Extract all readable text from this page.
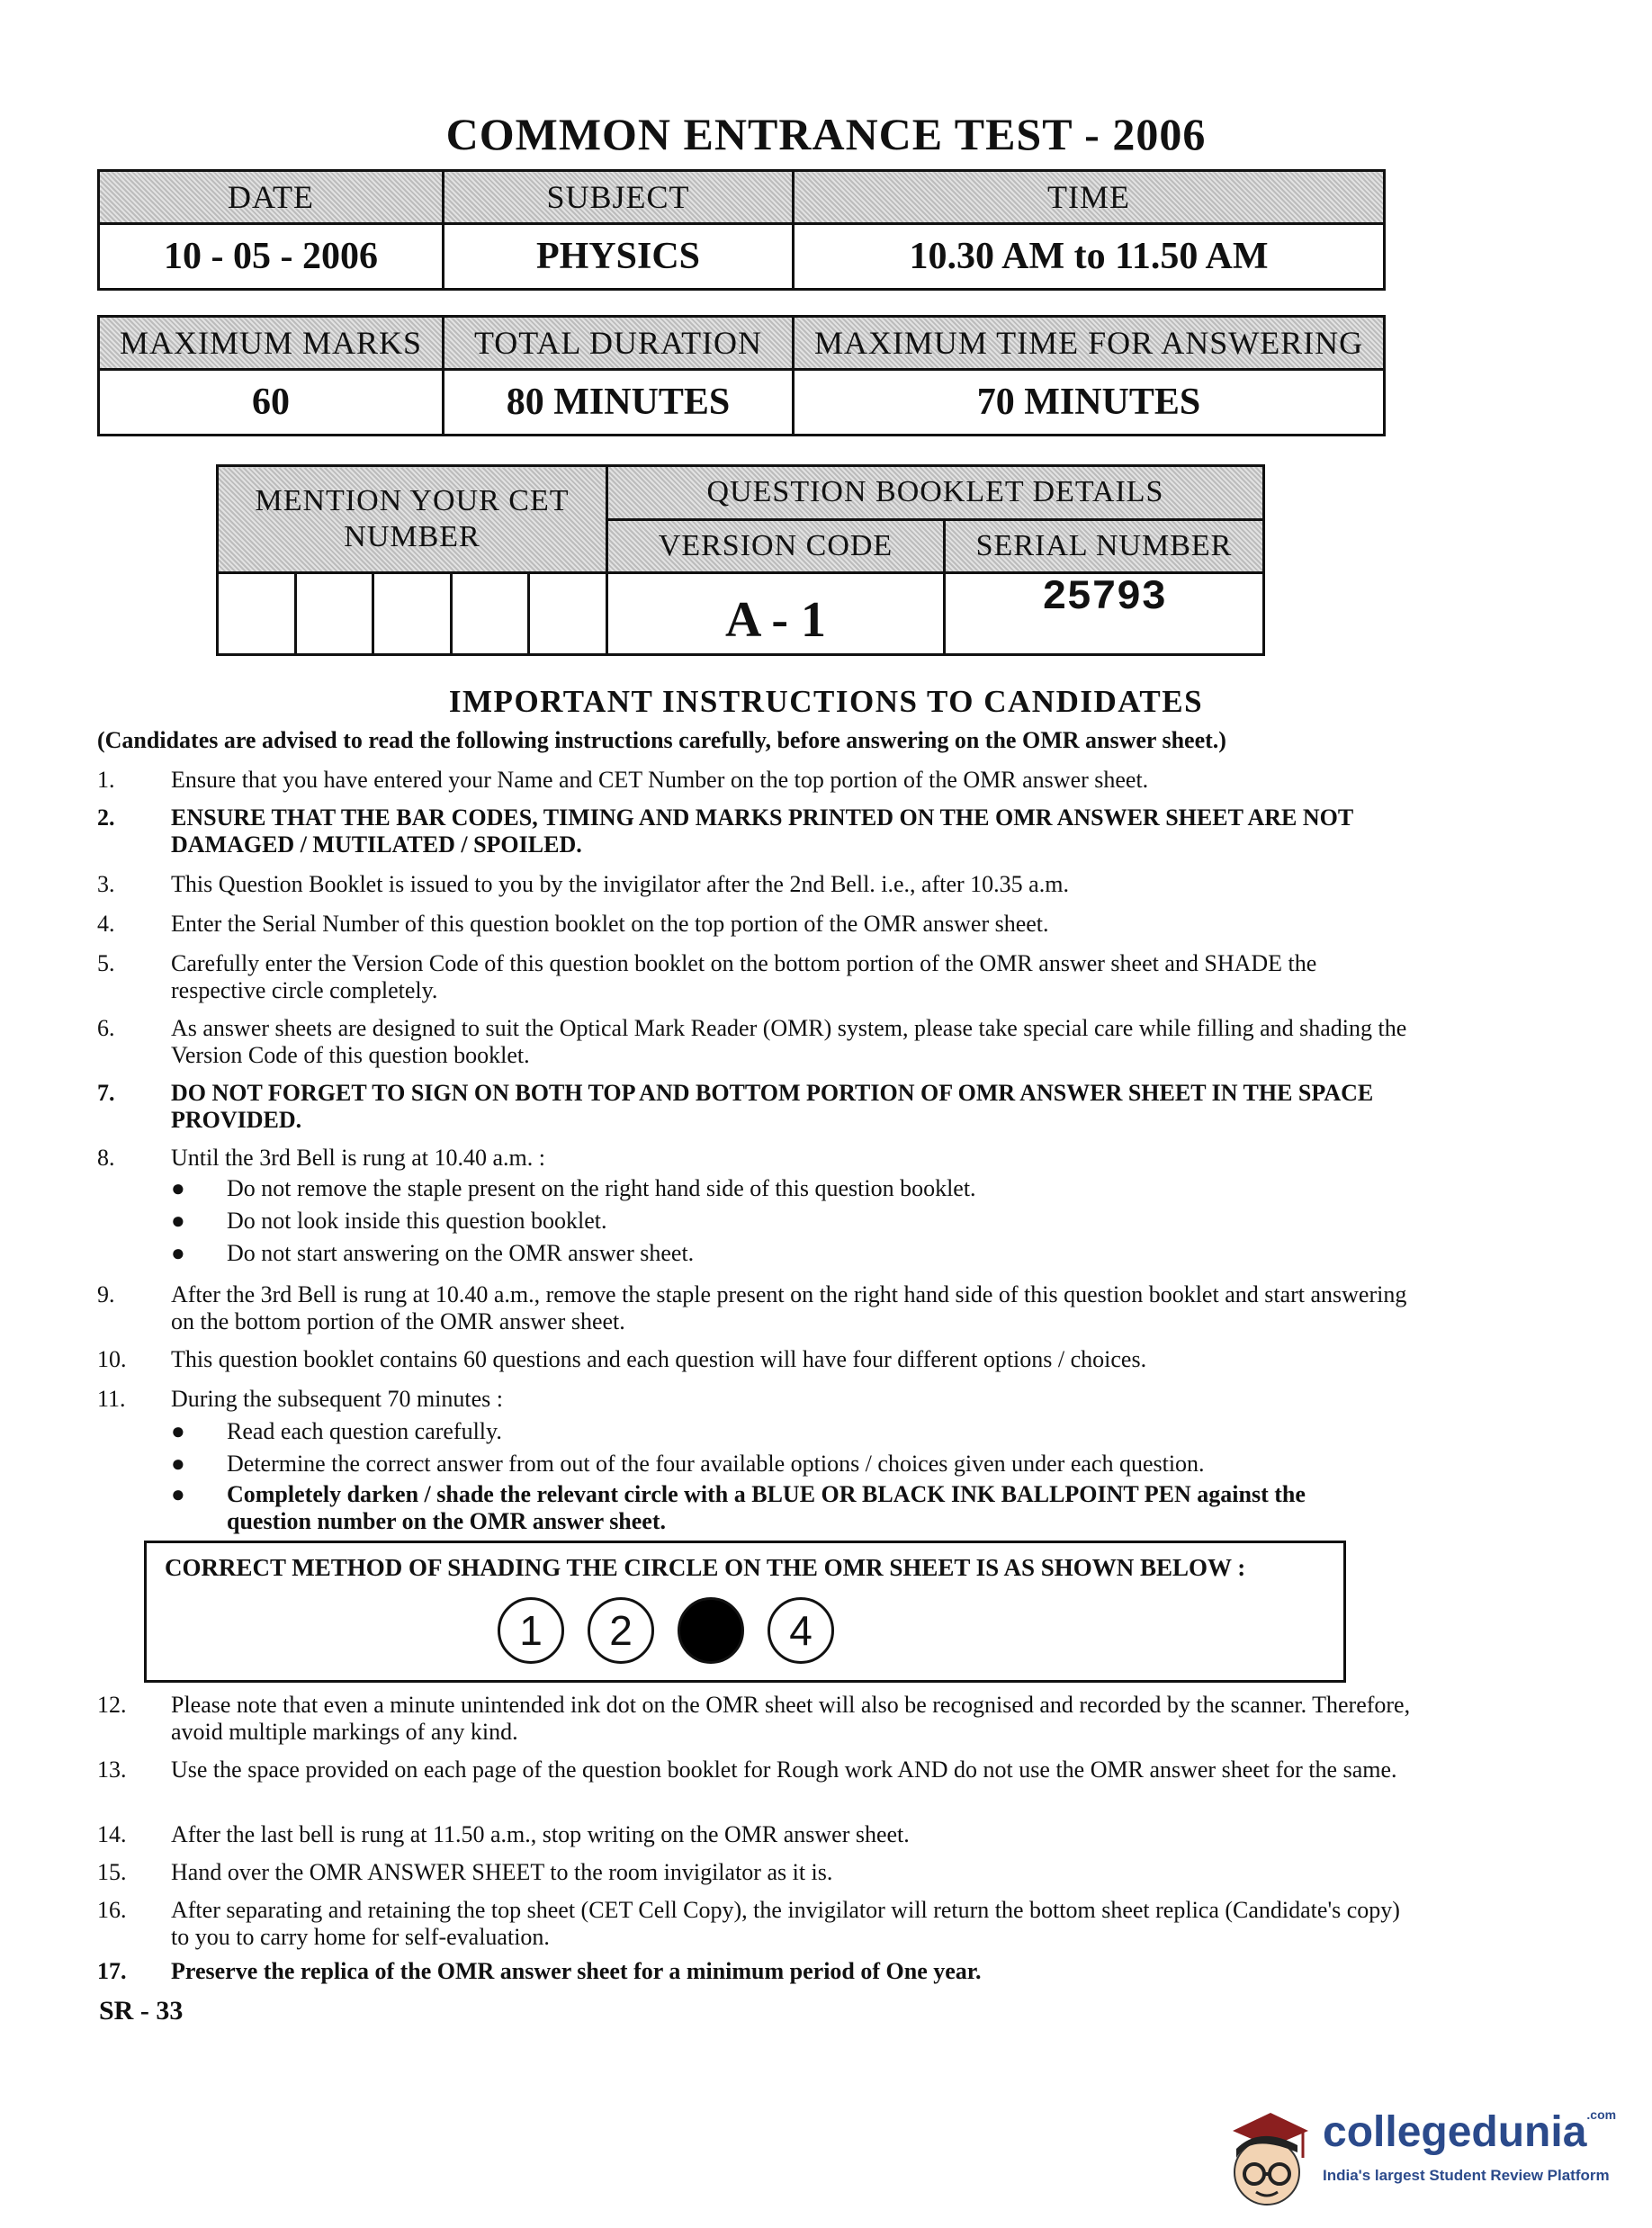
COMMON ENTRANCE TEST - 2006
DATE	SUBJECT	TIME
10 - 05 - 2006	PHYSICS	10.30 AM to 11.50 AM
MAXIMUM MARKS	TOTAL DURATION	MAXIMUM TIME FOR ANSWERING
60	80 MINUTES	70 MINUTES
MENTION YOUR CET NUMBER					QUESTION BOOKLET DETAILS	
					VERSION CODE	SERIAL NUMBER
					A - 1	25793
IMPORTANT INSTRUCTIONS TO CANDIDATES
(Candidates are advised to read the following instructions carefully, before answering on the OMR answer sheet.)
1.	Ensure that you have entered your Name and CET Number on the top portion of the OMR answer sheet.
2.	ENSURE THAT THE BAR CODES, TIMING AND MARKS PRINTED ON THE OMR ANSWER SHEET ARE NOT DAMAGED / MUTILATED / SPOILED.
3.	This Question Booklet is issued to you by the invigilator after the 2nd Bell. i.e., after 10.35 a.m.
4.	Enter the Serial Number of this question booklet on the top portion of the OMR answer sheet.
5.	Carefully enter the Version Code of this question booklet on the bottom portion of the OMR answer sheet and SHADE the respective circle completely.
6.	As answer sheets are designed to suit the Optical Mark Reader (OMR) system, please take special care while filling and shading the Version Code of this question booklet.
7.	DO NOT FORGET TO SIGN ON BOTH TOP AND BOTTOM PORTION OF OMR ANSWER SHEET IN THE SPACE PROVIDED.
8.	Until the 3rd Bell is rung at 10.40 a.m. :
● Do not remove the staple present on the right hand side of this question booklet.
● Do not look inside this question booklet.
● Do not start answering on the OMR answer sheet.
9.	After the 3rd Bell is rung at 10.40 a.m., remove the staple present on the right hand side of this question booklet and start answering on the bottom portion of the OMR answer sheet.
10.	This question booklet contains 60 questions and each question will have four different options / choices.
11.	During the subsequent 70 minutes :
● Read each question carefully.
● Determine the correct answer from out of the four available options / choices given under each question.
● Completely darken / shade the relevant circle with a BLUE OR BLACK INK BALLPOINT PEN against the question number on the OMR answer sheet.
CORRECT METHOD OF SHADING THE CIRCLE ON THE OMR SHEET IS AS SHOWN BELOW :
1	2	4
12.	Please note that even a minute unintended ink dot on the OMR sheet will also be recognised and recorded by the scanner. Therefore, avoid multiple markings of any kind.
13.	Use the space provided on each page of the question booklet for Rough work AND do not use the OMR answer sheet for the same.
14.	After the last bell is rung at 11.50 a.m., stop writing on the OMR answer sheet.
15.	Hand over the OMR ANSWER SHEET to the room invigilator as it is.
16.	After separating and retaining the top sheet (CET Cell Copy), the invigilator will return the bottom sheet replica (Candidate's copy) to you to carry home for self-evaluation.
17.	Preserve the replica of the OMR answer sheet for a minimum period of One year.
SR - 33
collegedunia$^{.com}$
India's largest Student Review Platform
